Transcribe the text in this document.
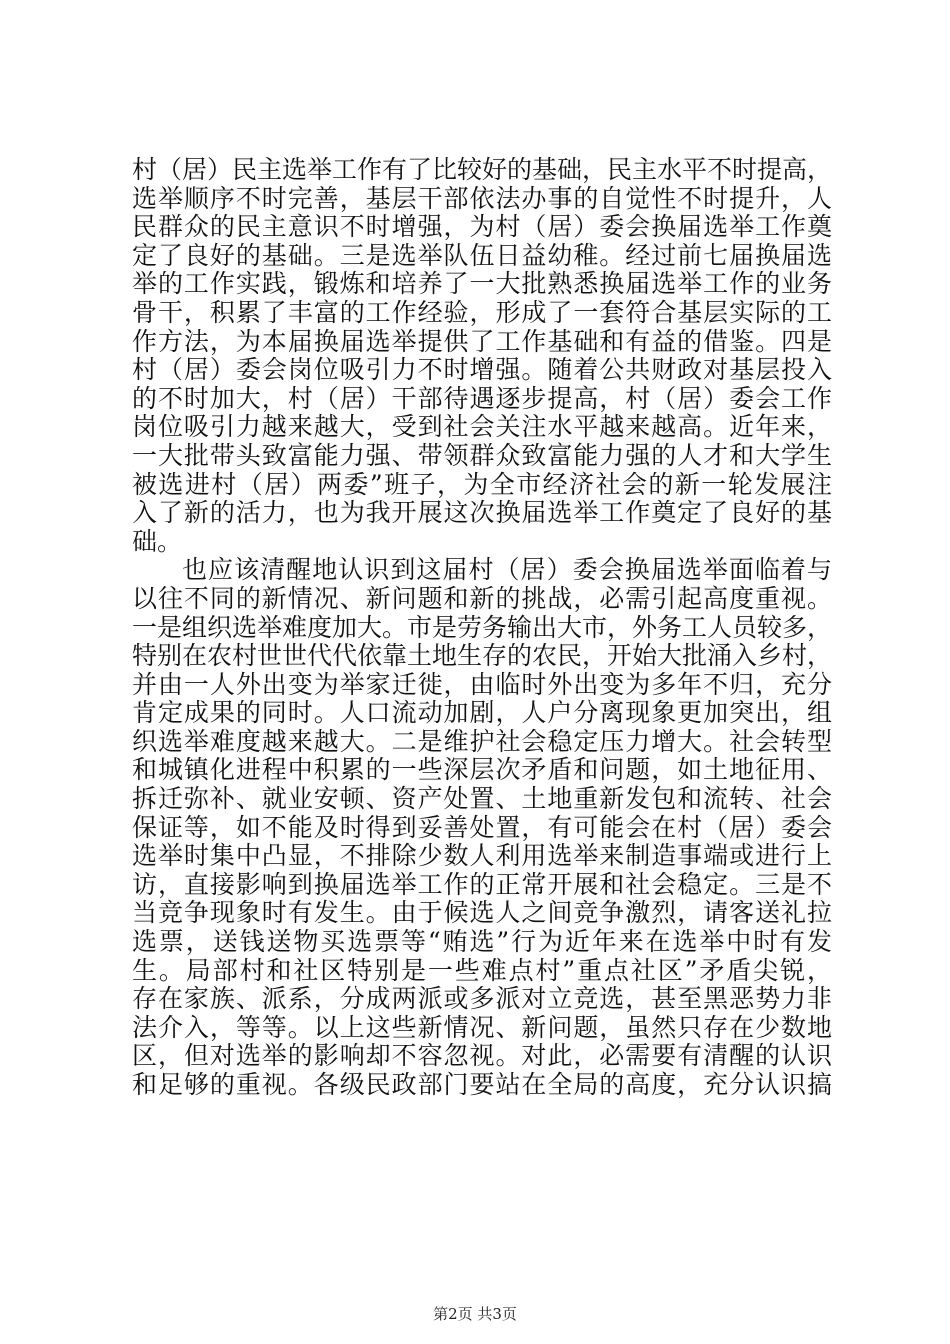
村（居）民主选举工作有了比较好的基础，民主水平不时提高，
选举顺序不时完善，基层干部依法办事的自觉性不时提升，人
民群众的民主意识不时增强，为村（居）委会换届选举工作奠
定了良好的基础。三是选举队伍日益幼稚。经过前七届换届选
举的工作实践，锻炼和培养了一大批熟悉换届选举工作的业务
骨干，积累了丰富的工作经验，形成了一套符合基层实际的工
作方法，为本届换届选举提供了工作基础和有益的借鉴。四是
村（居）委会岗位吸引力不时增强。随着公共财政对基层投入
的不时加大，村（居）干部待遇逐步提高，村（居）委会工作
岗位吸引力越来越大，受到社会关注水平越来越高。近年来，
一大批带头致富能力强、带领群众致富能力强的人才和大学生
被选进村（居）两委”班子，为全市经济社会的新一轮发展注
入了新的活力，也为我开展这次换届选举工作奠定了良好的基
础。
也应该清醒地认识到这届村（居）委会换届选举面临着与
以往不同的新情况、新问题和新的挑战，必需引起高度重视。
一是组织选举难度加大。市是劳务输出大市，外务工人员较多，
特别在农村世世代代依靠土地生存的农民，开始大批涌入乡村，
并由一人外出变为举家迁徙，由临时外出变为多年不归，充分
肯定成果的同时。人口流动加剧，人户分离现象更加突出，组
织选举难度越来越大。二是维护社会稳定压力增大。社会转型
和城镇化进程中积累的一些深层次矛盾和问题，如土地征用、
拆迁弥补、就业安顿、资产处置、土地重新发包和流转、社会
保证等，如不能及时得到妥善处置，有可能会在村（居）委会
选举时集中凸显，不排除少数人利用选举来制造事端或进行上
访，直接影响到换届选举工作的正常开展和社会稳定。三是不
当竞争现象时有发生。由于候选人之间竞争激烈，请客送礼拉
选票，送钱送物买选票等“贿选”行为近年来在选举中时有发
生。局部村和社区特别是一些难点村”重点社区”矛盾尖锐，
存在家族、派系，分成两派或多派对立竞选，甚至黑恶势力非
法介入，等等。以上这些新情况、新问题，虽然只存在少数地
区，但对选举的影响却不容忽视。对此，必需要有清醒的认识
和足够的重视。各级民政部门要站在全局的高度，充分认识搞
第2页 共3页
